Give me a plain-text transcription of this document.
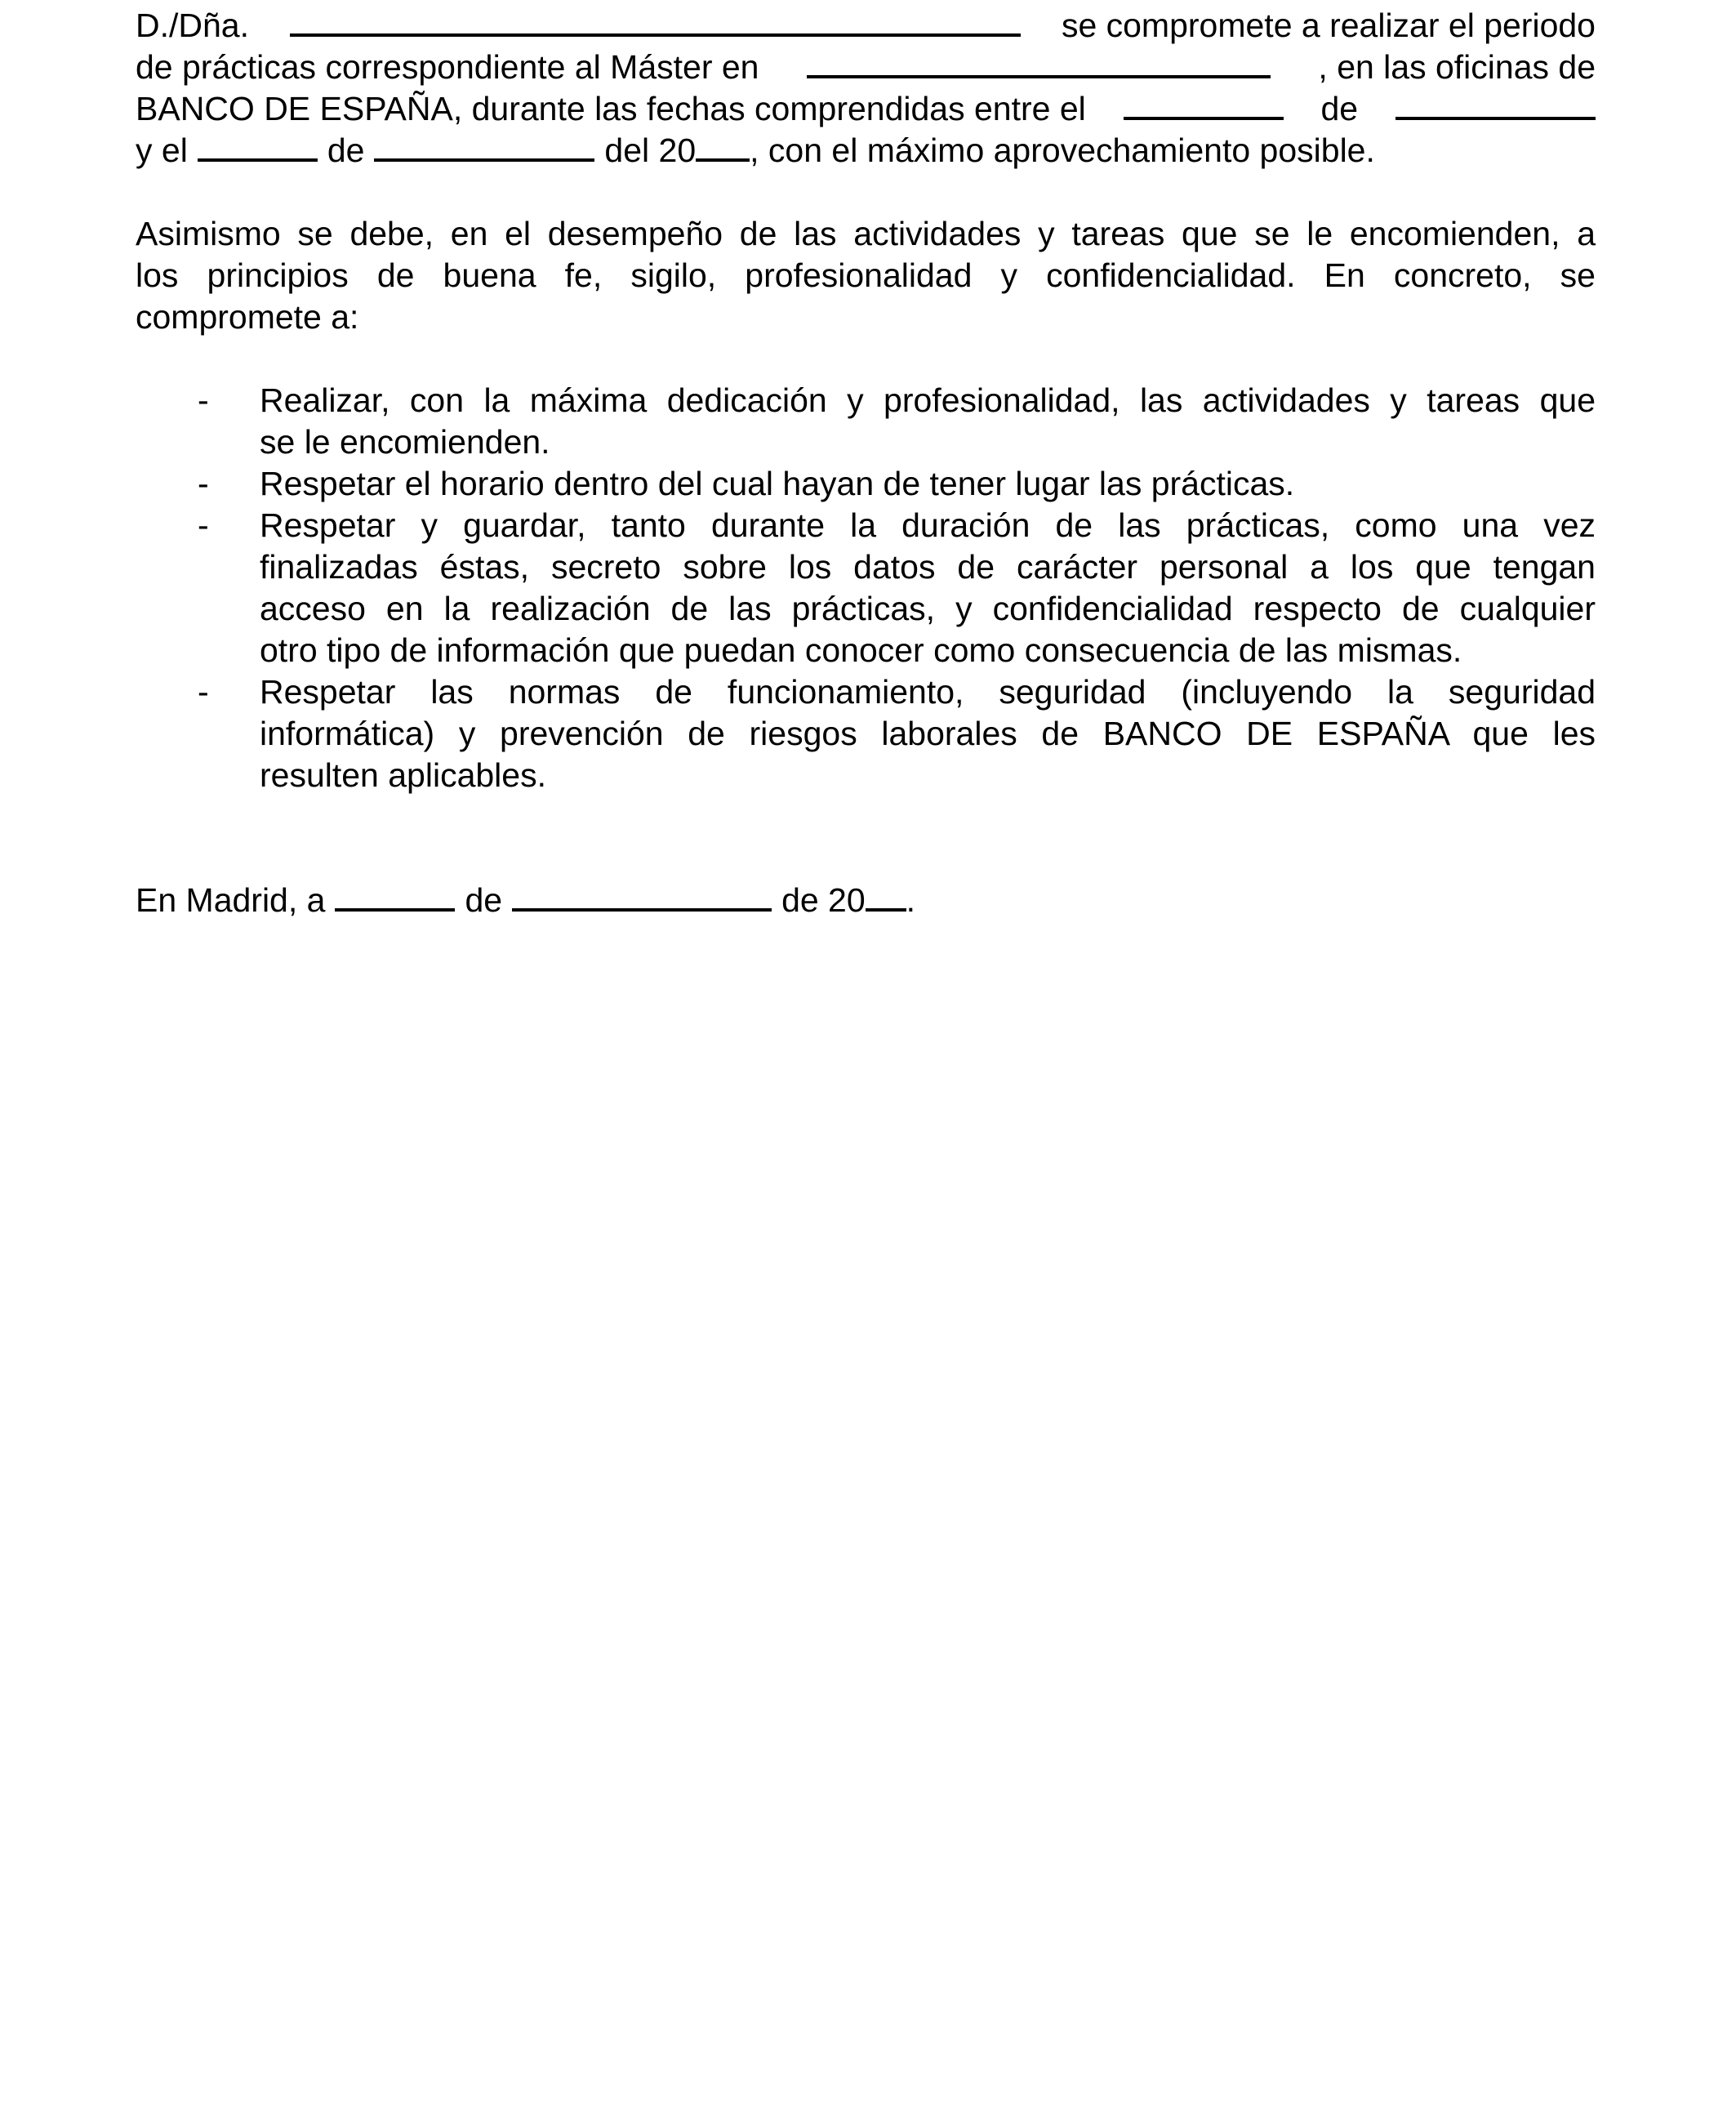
D./Dña.	se compromete a realizar el periodo
de prácticas correspondiente al Máster en	, en las oficinas de
BANCO DE ESPAÑA, durante las fechas comprendidas entre el	de
y el	de	del 20 , con el máximo aprovechamiento posible.
Asimismo se debe, en el desempeño de las actividades y tareas que se le encomienden, a
los principios de buena fe, sigilo, profesionalidad y confidencialidad. En concreto, se
compromete a:
- Realizar, con la máxima dedicación y profesionalidad, las actividades y tareas que
se le encomienden.
- Respetar el horario dentro del cual hayan de tener lugar las prácticas.
- Respetar y guardar, tanto durante la duración de las prácticas, como una vez
finalizadas éstas, secreto sobre los datos de carácter personal a los que tengan
acceso en la realización de las prácticas, y confidencialidad respecto de cualquier
otro tipo de información que puedan conocer como consecuencia de las mismas.
- Respetar las normas de funcionamiento, seguridad (incluyendo la seguridad
informática) y prevención de riesgos laborales de BANCO DE ESPAÑA que les
resulten aplicables.
En Madrid, a	de	de 20 .
